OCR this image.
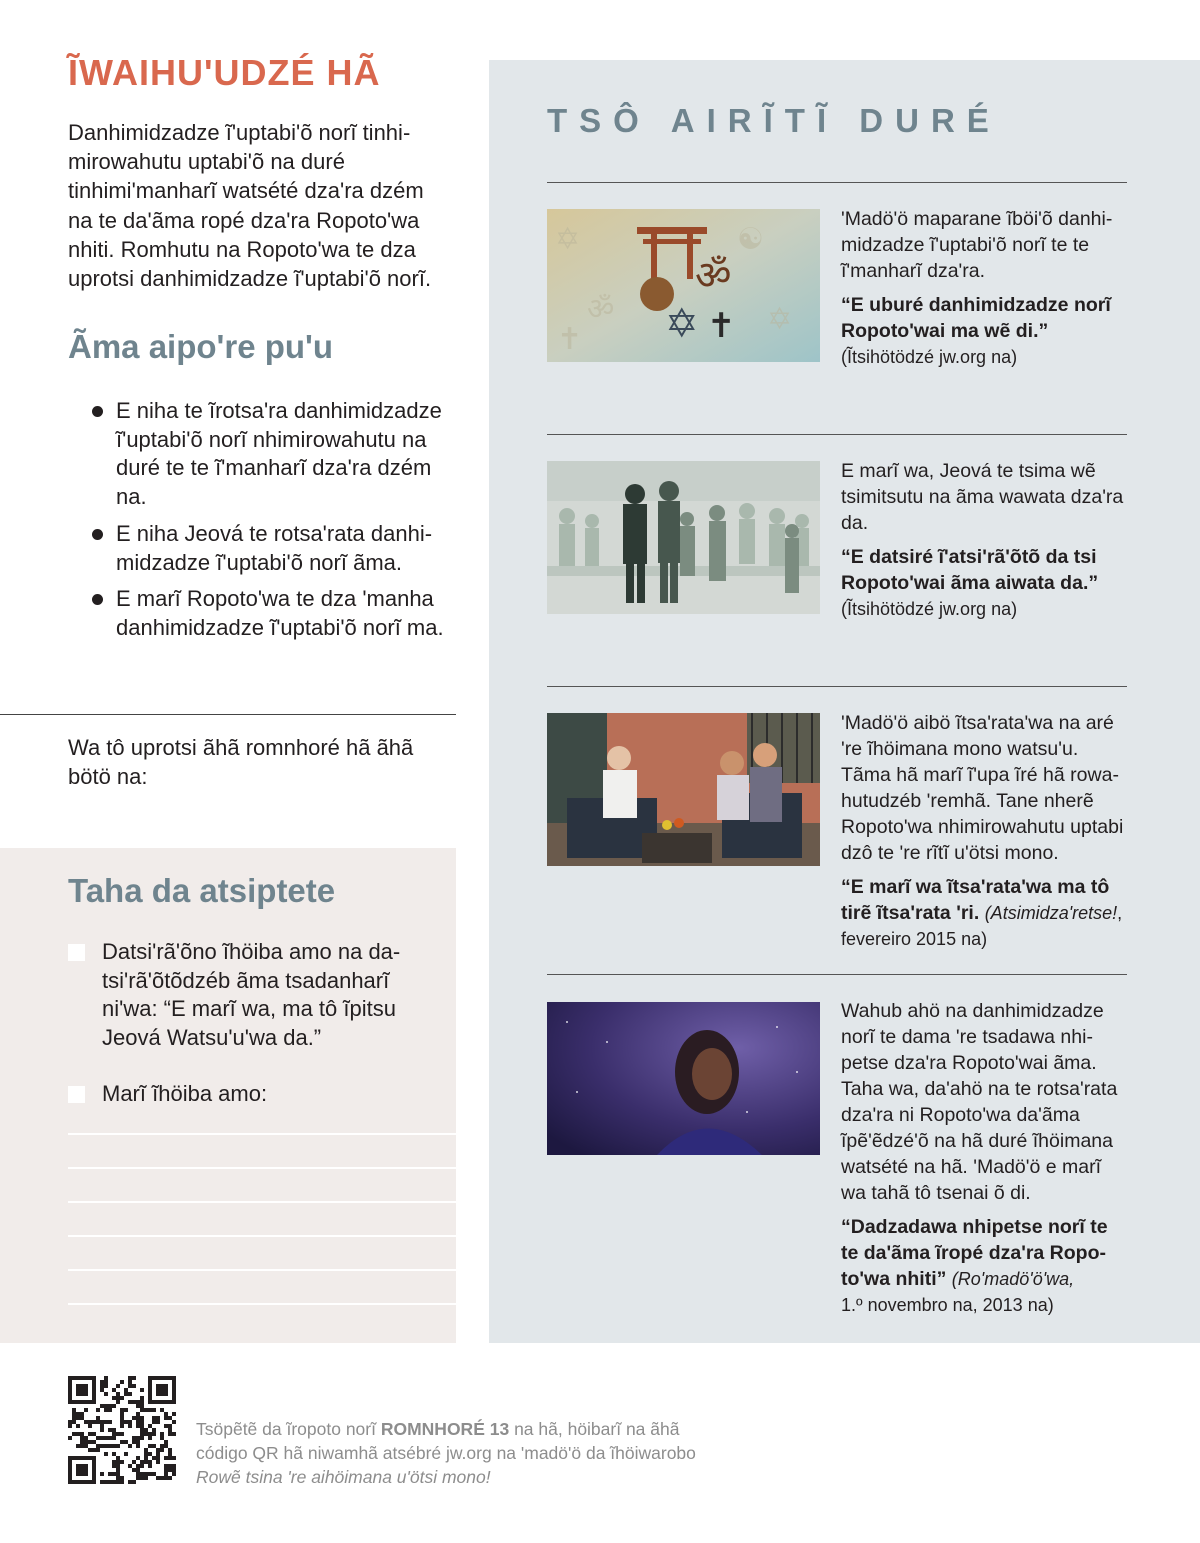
ĨWAIHU'UDZÉ HÃ

Danhimidzadze ĩ'uptabi'õ norĩ tinhimirowahutu uptabi'õ na duré tinhimi'manharĩ watsété dza'ra dzém na te da'ãma ropé dza'ra Ropoto'wa nhiti. Romhutu na Ropoto'wa te dza uprotsi danhimidzadze ĩ'uptabi'õ norĩ.

Ãma aipo're pu'u
E niha te ĩrotsa'ra danhimidzadze ĩ'uptabi'õ norĩ nhimirowahutu na duré te te ĩ'manharĩ dza'ra dzém na.
E niha Jeová te rotsa'rata danhimidzadze ĩ'uptabi'õ norĩ ãma.
E marĩ Ropoto'wa te dza 'manha danhimidzadze ĩ'uptabi'õ norĩ ma.

Wa tô uprotsi ãhã romnhoré hã ãhã bötö na:

Taha da atsiptete
Datsi'rã'õno ĩhöiba amo na datsi'rã'õtõdzéb ãma tsadanharĩ ni'wa: “E marĩ wa, ma tô ĩpitsu Jeová Watsu'u'wa da.”
Marĩ ĩhöiba amo:
TSÔ AIRĨTĨ DURÉ
✡
ॐ
☯
✡
✝
ॐ
✡ ✝
'Madö'ö maparane ĩböi'õ danhimidzadze ĩ'uptabi'õ norĩ te te ĩ'manharĩ dza'ra.
“E uburé danhimidzadze norĩ Ropoto'wai ma wẽ di.”
(Ĩtsihötödzé jw.org na)
E marĩ wa, Jeová te tsima wẽ tsimitsutu na ãma wawata dza'ra da.
“E datsiré ĩ'atsi'rã'õtõ da tsi Ropoto'wai ãma aiwata da.”
(Ĩtsihötödzé jw.org na)
'Madö'ö aibö ĩtsa'rata'wa na aré 're ĩhöimana mono watsu'u. Tãma hã marĩ ĩ'upa ĩré hã rowahutudzéb 'remhã. Tane nherẽ Ropoto'wa nhimirowahutu uptabi dzô te 're rĩtĩ u'ötsi mono.
“E marĩ wa ĩtsa'rata'wa ma tô tirẽ ĩtsa'rata 'ri. (Atsimidza'retse!, fevereiro 2015 na)
Wahub ahö na danhimidzadze norĩ te dama 're tsadawa nhipetse dza'ra Ropoto'wai ãma. Taha wa, da'ahö na te rotsa'rata dza'ra ni Ropoto'wa da'ãma ĩpẽ'ẽdzé'õ na hã duré ĩhöimana watsété na hã. 'Madö'ö e marĩ wa tahã tô tsenai õ di.
“Dadzadawa nhipetse norĩ te te da'ãma ĩropé dza'ra Ropoto'wa nhiti” (Ro'madö'ö'wa,
1.º novembro na, 2013 na)

Tsöpẽtẽ da ĩropoto norĩ ROMNHORÉ 13 na hã, höibarĩ na ãhã código QR hã niwamhã atsébré jw.org na 'madö'ö da ĩhöiwarobo Rowẽ tsina 're aihöimana u'ötsi mono!
